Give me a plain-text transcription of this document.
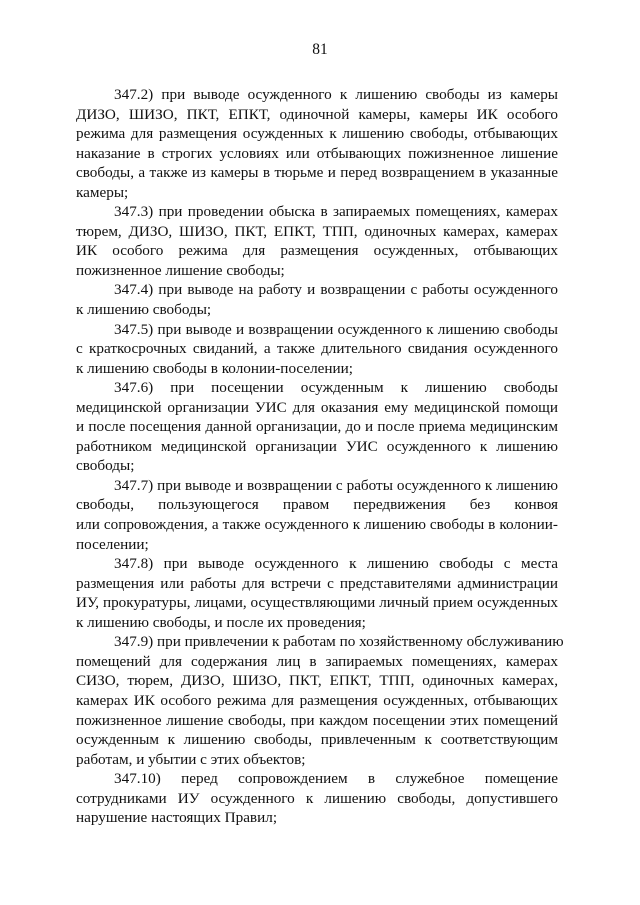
81
347.2) при выводе осужденного к лишению свободы из камеры
ДИЗО, ШИЗО, ПКТ, ЕПКТ, одиночной камеры, камеры ИК особого
режима для размещения осужденных к лишению свободы, отбывающих
наказание в строгих условиях или отбывающих пожизненное лишение
свободы, а также из камеры в тюрьме и перед возвращением в указанные
камеры;
347.3) при проведении обыска в запираемых помещениях, камерах
тюрем, ДИЗО, ШИЗО, ПКТ, ЕПКТ, ТПП, одиночных камерах, камерах
ИК особого режима для размещения осужденных, отбывающих
пожизненное лишение свободы;
347.4) при выводе на работу и возвращении с работы осужденного
к лишению свободы;
347.5) при выводе и возвращении осужденного к лишению свободы
с краткосрочных свиданий, а также длительного свидания осужденного
к лишению свободы в колонии-поселении;
347.6) при посещении осужденным к лишению свободы
медицинской организации УИС для оказания ему медицинской помощи
и после посещения данной организации, до и после приема медицинским
работником медицинской организации УИС осужденного к лишению
свободы;
347.7) при выводе и возвращении с работы осужденного к лишению
свободы, пользующегося правом передвижения без конвоя
или сопровождения, а также осужденного к лишению свободы в колонии-
поселении;
347.8) при выводе осужденного к лишению свободы с места
размещения или работы для встречи с представителями администрации
ИУ, прокуратуры, лицами, осуществляющими личный прием осужденных
к лишению свободы, и после их проведения;
347.9) при привлечении к работам по хозяйственному обслуживанию
помещений для содержания лиц в запираемых помещениях, камерах
СИЗО, тюрем, ДИЗО, ШИЗО, ПКТ, ЕПКТ, ТПП, одиночных камерах,
камерах ИК особого режима для размещения осужденных, отбывающих
пожизненное лишение свободы, при каждом посещении этих помещений
осужденным к лишению свободы, привлеченным к соответствующим
работам, и убытии с этих объектов;
347.10) перед сопровождением в служебное помещение
сотрудниками ИУ осужденного к лишению свободы, допустившего
нарушение настоящих Правил;
